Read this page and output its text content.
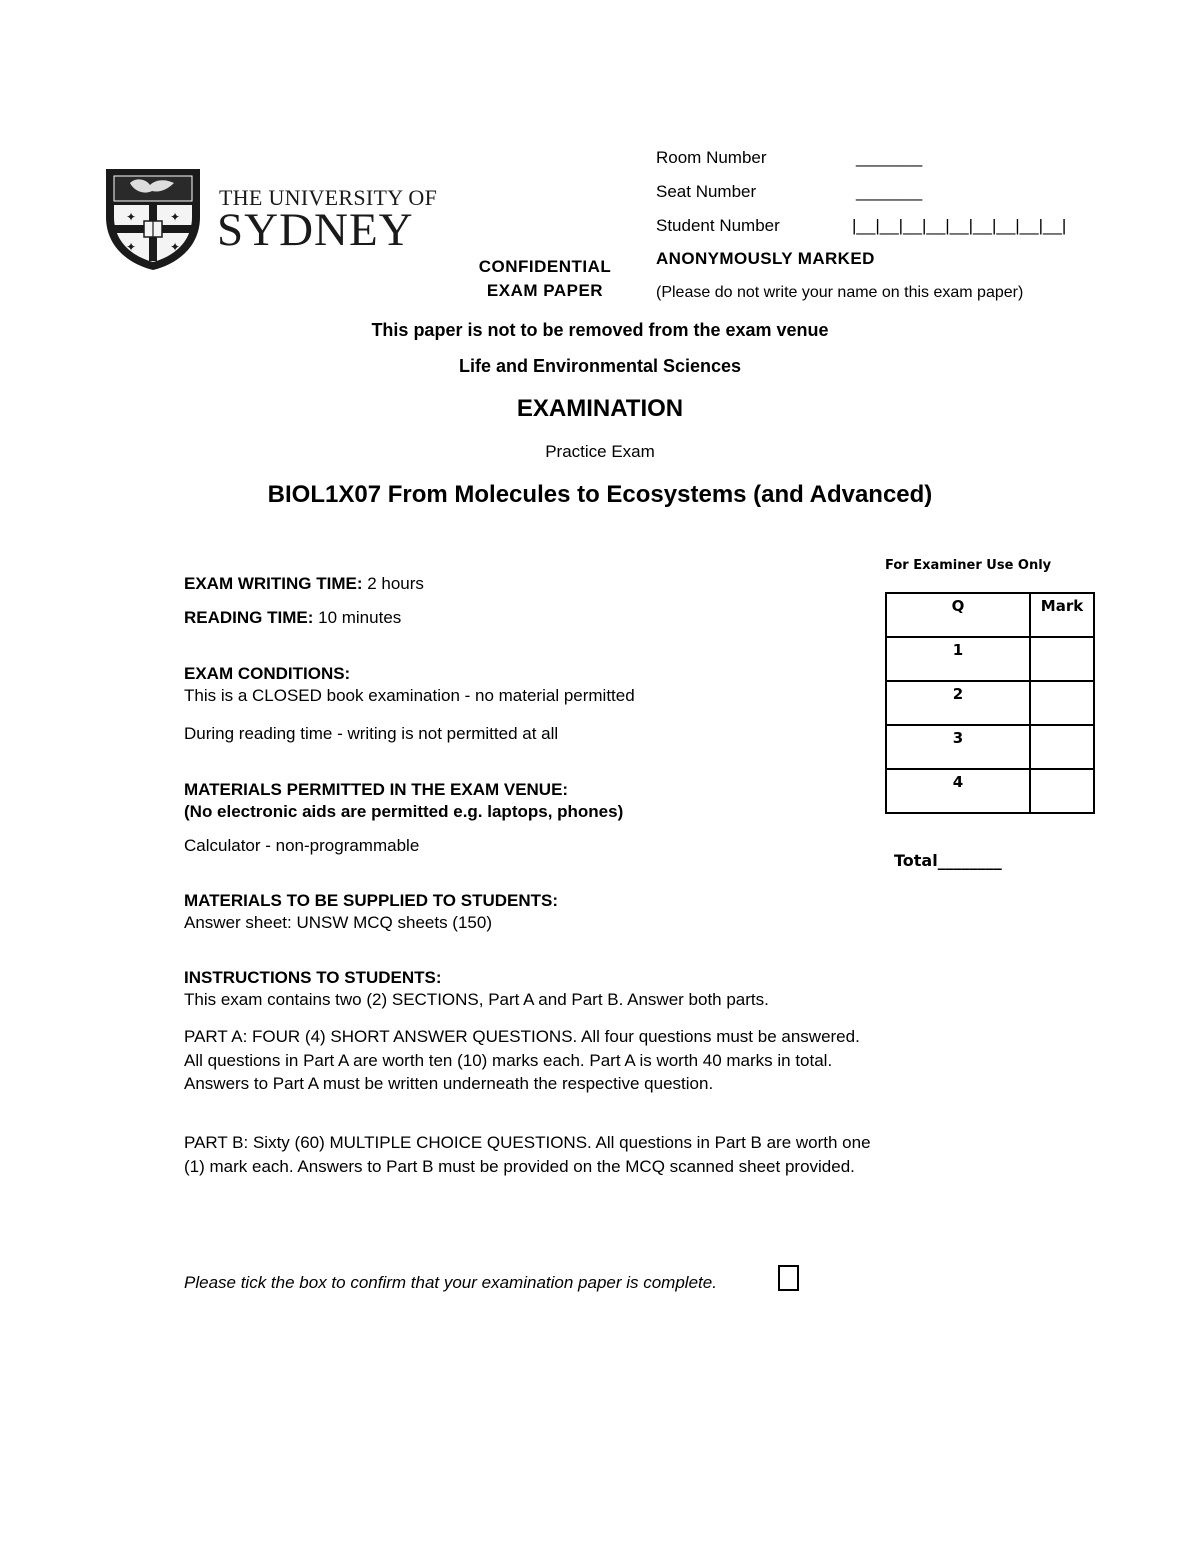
✦	✦
✦	✦
THE UNIVERSITY OF
SYDNEY
Room Number	_______
Seat Number	_______
Student Number	|__|__|__|__|__|__|__|__|__|
ANONYMOUSLY MARKED
(Please do not write your name on this exam paper)
CONFIDENTIAL
EXAM PAPER
This paper is not to be removed from the exam venue
Life and Environmental Sciences
EXAMINATION
Practice Exam
BIOL1X07 From Molecules to Ecosystems (and Advanced)
EXAM WRITING TIME: 2 hours
READING TIME: 10 minutes
EXAM CONDITIONS:
This is a CLOSED book examination - no material permitted
During reading time - writing is not permitted at all
MATERIALS PERMITTED IN THE EXAM VENUE:
(No electronic aids are permitted e.g. laptops, phones)
Calculator - non-programmable
MATERIALS TO BE SUPPLIED TO STUDENTS:
Answer sheet: UNSW MCQ sheets (150)
INSTRUCTIONS TO STUDENTS:
This exam contains two (2) SECTIONS, Part A and Part B. Answer both parts.
PART A: FOUR (4) SHORT ANSWER QUESTIONS. All four questions must be answered. All questions in Part A are worth ten (10) marks each. Part A is worth 40 marks in total. Answers to Part A must be written underneath the respective question.
PART B: Sixty (60) MULTIPLE CHOICE QUESTIONS. All questions in Part B are worth one (1) mark each. Answers to Part B must be provided on the MCQ scanned sheet provided.
Please tick the box to confirm that your examination paper is complete.
For Examiner Use Only
Q	Mark
1	
2	
3	
4	
Total________
